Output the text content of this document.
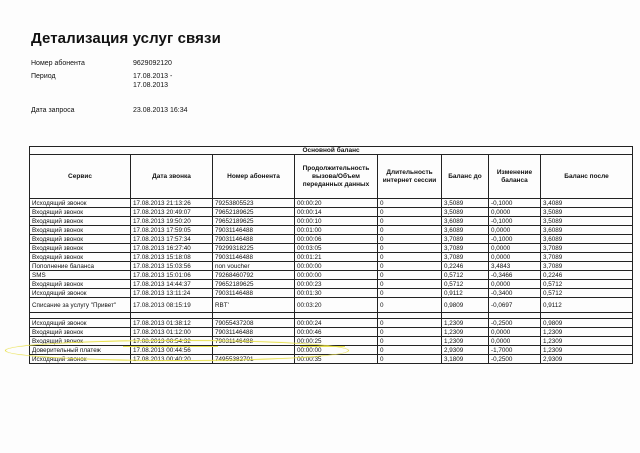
Детализация услуг связи
Номер абонента	9629092120
Период	17.08.2013 - 17.08.2013
Дата запроса	23.08.2013 16:34
Основной баланс							
Сервис	Дата звонка	Номер абонента	Продолжительность вызова/Объем переданных данных	Длительность интернет сессии	Баланс до	Изменение баланса	Баланс после
Исходящий звонок	17.08.2013 21:13:26	79253805523	00:00:20	0	3,5089	-0,1000	3,4089
Входящий звонок	17.08.2013 20:49:07	79652189625	00:00:14	0	3,5089	0,0000	3,5089
Входящий звонок	17.08.2013 19:50:20	79652189625	00:00:10	0	3,6089	-0,1000	3,5089
Входящий звонок	17.08.2013 17:59:05	79031146488	00:01:00	0	3,6089	0,0000	3,6089
Входящий звонок	17.08.2013 17:57:34	79031146488	00:00:06	0	3,7089	-0,1000	3,6089
Входящий звонок	17.08.2013 16:27:40	79299318225	00:03:05	0	3,7089	0,0000	3,7089
Входящий звонок	17.08.2013 15:18:08	79031146488	00:01:21	0	3,7089	0,0000	3,7089
Пополнение баланса	17.08.2013 15:03:56	non voucher	00:00:00	0	0,2246	3,4843	3,7089
SMS	17.08.2013 15:01:06	79268460792	00:00:00	0	0,5712	-0,3466	0,2246
Входящий звонок	17.08.2013 14:44:37	79652189625	00:00:23	0	0,5712	0,0000	0,5712
Исходящий звонок	17.08.2013 13:11:24	79031146488	00:01:30	0	0,9112	-0,3400	0,5712
Списание за услугу "Привет"	17.08.2013 08:15:19	RBT'	00:03:20	0	0,9809	-0,0697	0,9112

Исходящий звонок	17.08.2013 01:38:12	79055437208	00:00:24	0	1,2309	-0,2500	0,9809
Входящий звонок	17.08.2013 01:12:00	79031146488	00:00:46	0	1,2309	0,0000	1,2309
Входящий звонок	17.08.2013 00:54:32	79031146488	00:00:25	0	1,2309	0,0000	1,2309
Доверительный платеж	17.08.2013 00:44:56		00:00:00	0	2,9309	-1,7000	1,2309
Исходящий звонок	17.08.2013 00:40:20	74955382701	00:00:35	0	3,1809	-0,2500	2,9309
